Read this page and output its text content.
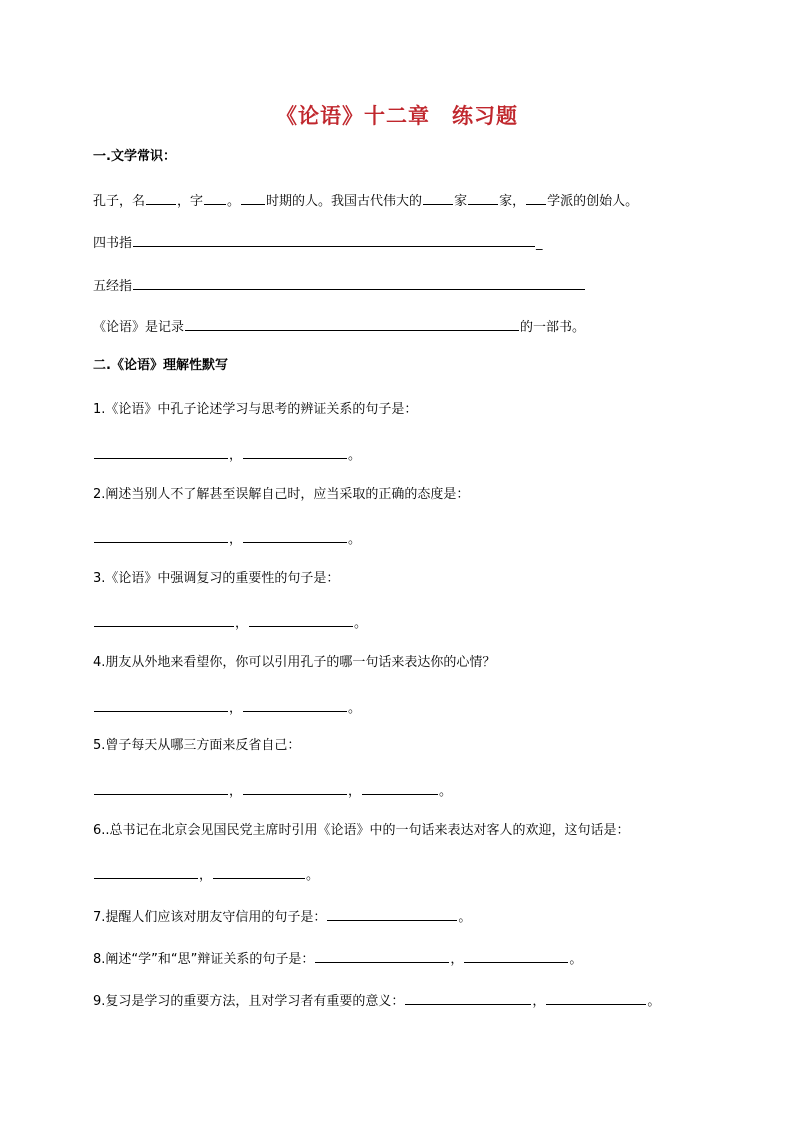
《论语》十二章 练习题
一.文学常识：
孔子，名 ，字 。 时期的人。我国古代伟大的 家 家， 学派的创始人。
四书指	_
五经指
《论语》是记录	的一部书。
二.《论语》理解性默写
1.《论语》中孔子论述学习与思考的辨证关系的句子是：
，	。
2.阐述当别人不了解甚至误解自己时，应当采取的正确的态度是：
，	。
3.《论语》中强调复习的重要性的句子是：
，	。
4.朋友从外地来看望你，你可以引用孔子的哪一句话来表达你的心情？
，	。
5.曾子每天从哪三方面来反省自己：
，	，	。
6..总书记在北京会见国民党主席时引用《论语》中的一句话来表达对客人的欢迎，这句话是：
，	。
7.提醒人们应该对朋友守信用的句子是：	。
8.阐述“学”和“思”辩证关系的句子是：	，	。
9.复习是学习的重要方法，且对学习者有重要的意义：	，	。
